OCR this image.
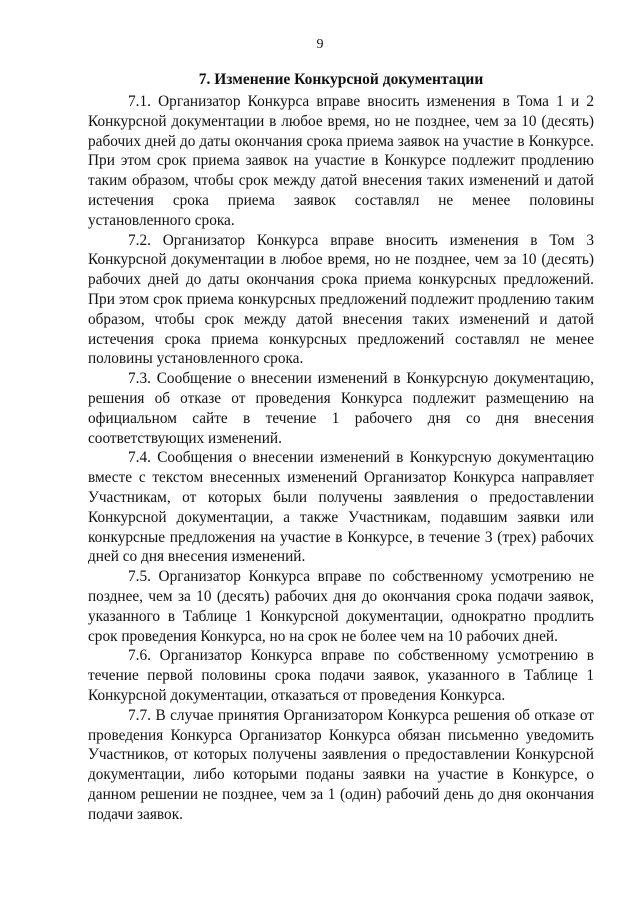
9
7. Изменение Конкурсной документации

7.1. Организатор Конкурса вправе вносить изменения в Тома 1 и 2 Конкурсной документации в любое время, но не позднее, чем за 10 (десять) рабочих дней до даты окончания срока приема заявок на участие в Конкурсе. При этом срок приема заявок на участие в Конкурсе подлежит продлению таким образом, чтобы срок между датой внесения таких изменений и датой истечения срока приема заявок составлял не менее половины установленного срока.

7.2. Организатор Конкурса вправе вносить изменения в Том 3 Конкурсной документации в любое время, но не позднее, чем за 10 (десять) рабочих дней до даты окончания срока приема конкурсных предложений. При этом срок приема конкурсных предложений подлежит продлению таким образом, чтобы срок между датой внесения таких изменений и датой истечения срока приема конкурсных предложений составлял не менее половины установленного срока.

7.3. Сообщение о внесении изменений в Конкурсную документацию, решения об отказе от проведения Конкурса подлежит размещению на официальном сайте в течение 1 рабочего дня со дня внесения соответствующих изменений.

7.4. Сообщения о внесении изменений в Конкурсную документацию вместе с текстом внесенных изменений Организатор Конкурса направляет Участникам, от которых были получены заявления о предоставлении Конкурсной документации, а также Участникам, подавшим заявки или конкурсные предложения на участие в Конкурсе, в течение 3 (трех) рабочих дней со дня внесения изменений.

7.5. Организатор Конкурса вправе по собственному усмотрению не позднее, чем за 10 (десять) рабочих дня до окончания срока подачи заявок, указанного в Таблице 1 Конкурсной документации, однократно продлить срок проведения Конкурса, но на срок не более чем на 10 рабочих дней.

7.6. Организатор Конкурса вправе по собственному усмотрению в течение первой половины срока подачи заявок, указанного в Таблице 1 Конкурсной документации, отказаться от проведения Конкурса.

7.7. В случае принятия Организатором Конкурса решения об отказе от проведения Конкурса Организатор Конкурса обязан письменно уведомить Участников, от которых получены заявления о предоставлении Конкурсной документации, либо которыми поданы заявки на участие в Конкурсе, о данном решении не позднее, чем за 1 (один) рабочий день до дня окончания подачи заявок.
